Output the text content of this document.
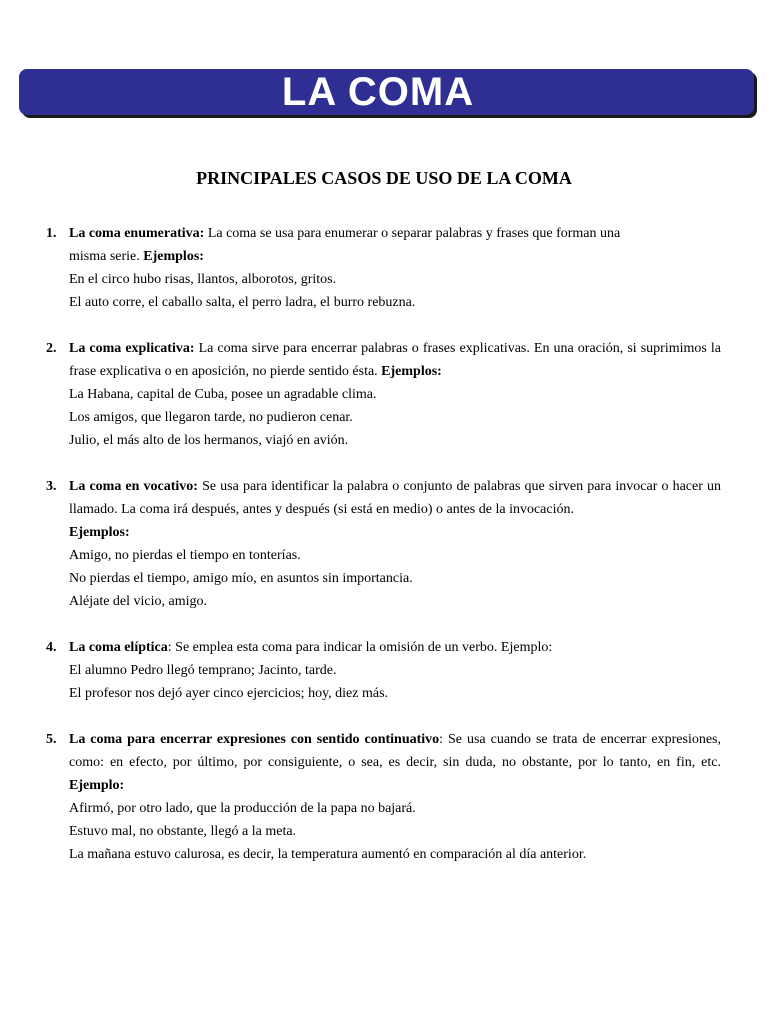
LA COMA
PRINCIPALES CASOS DE USO DE LA COMA
1. La coma enumerativa: La coma se usa para enumerar o separar palabras y frases que forman una misma serie. Ejemplos:

En el circo hubo risas, llantos, alborotos, gritos.
El auto corre, el caballo salta, el perro ladra, el burro rebuzna.
2. La coma explicativa: La coma sirve para encerrar palabras o frases explicativas. En una oración, si suprimimos la frase explicativa o en aposición, no pierde sentido ésta. Ejemplos:

La Habana, capital de Cuba, posee un agradable clima.
Los amigos, que llegaron tarde, no pudieron cenar.
Julio, el más alto de los hermanos, viajó en avión.
3. La coma en vocativo: Se usa para identificar la palabra o conjunto de palabras que sirven para invocar o hacer un llamado. La coma irá después, antes y después (si está en medio) o antes de la invocación.

Ejemplos:
Amigo, no pierdas el tiempo en tonterías.
No pierdas el tiempo, amigo mío, en asuntos sin importancia.
Aléjate del vicio, amigo.
4. La coma elíptica: Se emplea esta coma para indicar la omisión de un verbo. Ejemplo:

El alumno Pedro llegó temprano; Jacinto, tarde.
El profesor nos dejó ayer cinco ejercicios; hoy, diez más.
5. La coma para encerrar expresiones con sentido continuativo: Se usa cuando se trata de encerrar expresiones, como: en efecto, por último, por consiguiente, o sea, es decir, sin duda, no obstante, por lo tanto, en fin, etc. Ejemplo:

Afirmó, por otro lado, que la producción de la papa no bajará.
Estuvo mal, no obstante, llegó a la meta.
La mañana estuvo calurosa, es decir, la temperatura aumentó en comparación al día anterior.
